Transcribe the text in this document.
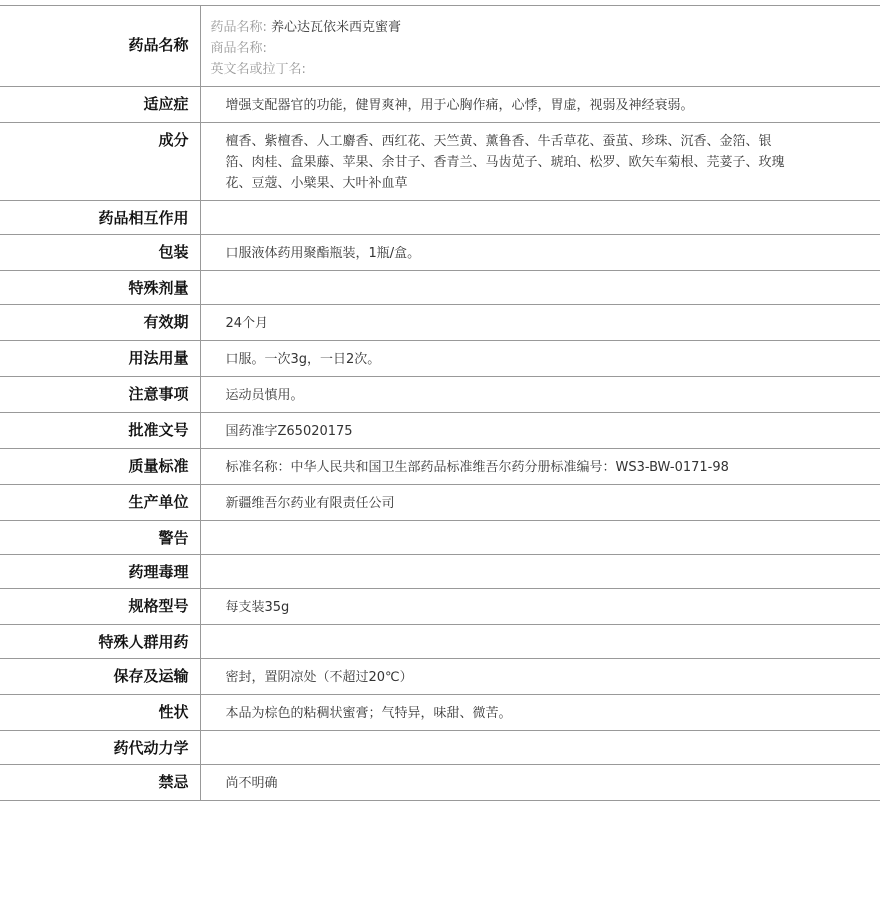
药品名称	药品名称: 养心达瓦依米西克蜜膏
商品名称:
英文名或拉丁名:

适应症	增强支配器官的功能，健胃爽神，用于心胸作痛，心悸，胃虚，视弱及神经衰弱。
成分	檀香、紫檀香、人工麝香、西红花、天竺黄、薰鲁香、牛舌草花、蚕茧、珍珠、沉香、金箔、银箔、肉桂、盒果藤、苹果、余甘子、香青兰、马齿苋子、琥珀、松罗、欧矢车菊根、芫荽子、玫瑰花、豆蔻、小檗果、大叶补血草
药品相互作用	
包装	口服液体药用聚酯瓶装，1瓶/盒。
特殊剂量	
有效期	24个月
用法用量	口服。一次3g，一日2次。
注意事项	运动员慎用。
批准文号	国药准字Z65020175
质量标准	标准名称：中华人民共和国卫生部药品标准维吾尔药分册标准编号：WS3-BW-0171-98
生产单位	新疆维吾尔药业有限责任公司
警告	
药理毒理	
规格型号	每支装35g
特殊人群用药	
保存及运输	密封，置阴凉处（不超过20℃）
性状	本品为棕色的粘稠状蜜膏；气特异，味甜、微苦。
药代动力学	
禁忌	尚不明确
